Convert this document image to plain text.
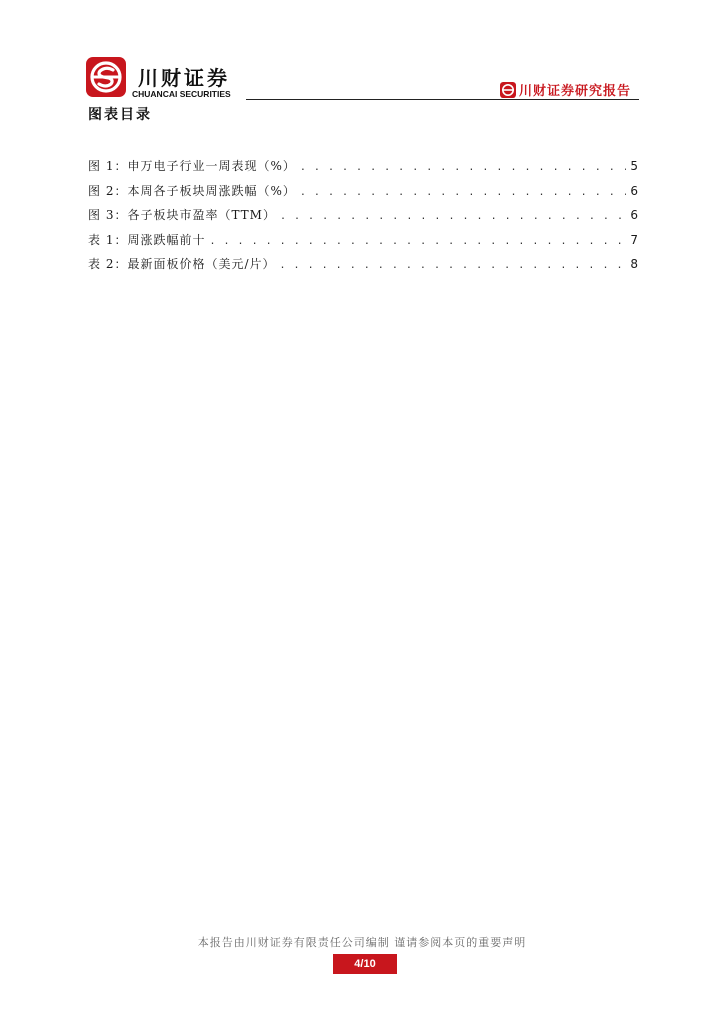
川财证券
CHUANCAI SECURITIES	川财证券研究报告
图表目录
图 1：申万电子行业一周表现（%） . . .	5
图 2：本周各子板块周涨跌幅（%） . . .	6
图 3：各子板块市盈率（TTM） . . .	6
表 1：周涨跌幅前十 . . .	7
表 2：最新面板价格（美元/片） . . .	8
本报告由川财证券有限责任公司编制 谨请参阅本页的重要声明
4/10
